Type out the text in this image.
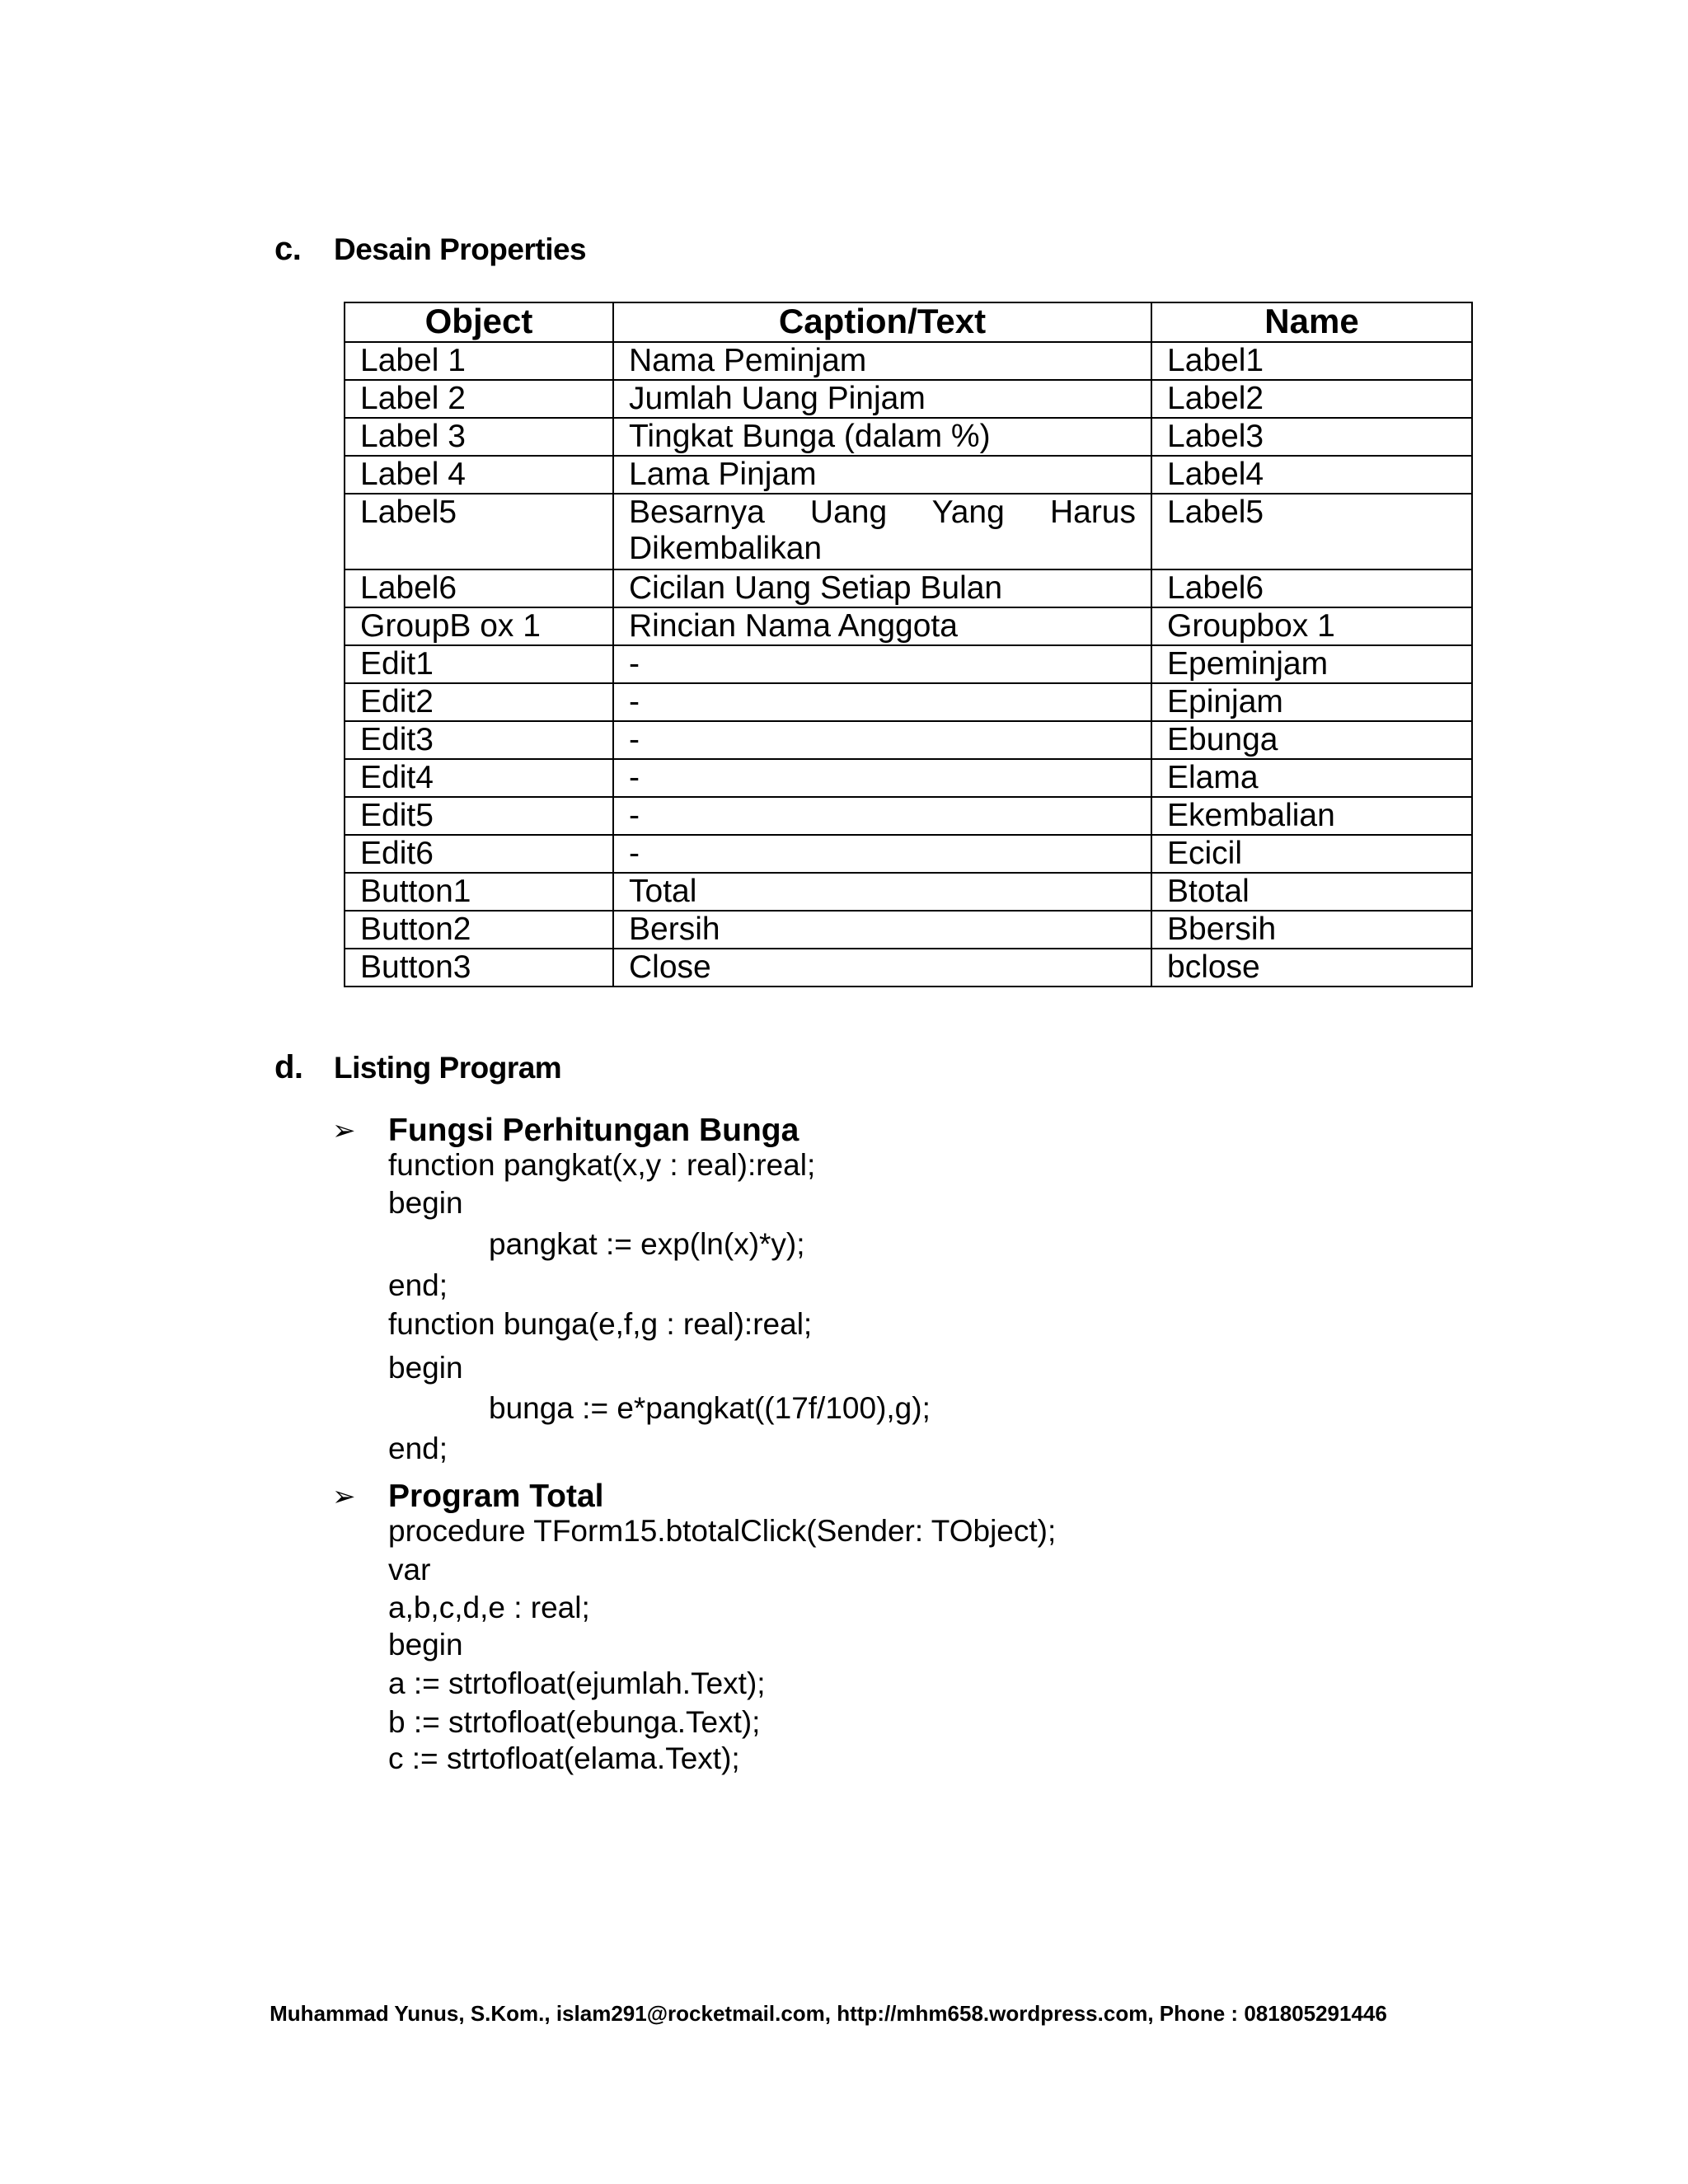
c. Desain Properties
Object	Caption/Text	Name
Label 1	Nama Peminjam	Label1
Label 2	Jumlah Uang Pinjam	Label2
Label 3	Tingkat Bunga (dalam %)	Label3
Label 4	Lama Pinjam	Label4
Label5	Besarnya Uang Yang Harus Dikembalikan	Label5
Label6	Cicilan Uang Setiap Bulan	Label6
GroupB ox 1	Rincian Nama Anggota	Groupbox 1
Edit1	-	Epeminjam
Edit2	-	Epinjam
Edit3	-	Ebunga
Edit4	-	Elama
Edit5	-	Ekembalian
Edit6	-	Ecicil
Button1	Total	Btotal
Button2	Bersih	Bbersih
Button3	Close	bclose
d. Listing Program
➢ Fungsi Perhitungan Bunga
function pangkat(x,y : real):real;
begin
pangkat := exp(ln(x)*y);
end;
function bunga(e,f,g : real):real;
begin
bunga := e*pangkat((17f/100),g);
end;
➢ Program Total
procedure TForm15.btotalClick(Sender: TObject);
var
a,b,c,d,e : real;
begin
a := strtofloat(ejumlah.Text);
b := strtofloat(ebunga.Text);
c := strtofloat(elama.Text);
Muhammad Yunus, S.Kom., islam291@rocketmail.com, http://mhm658.wordpress.com, Phone : 081805291446
